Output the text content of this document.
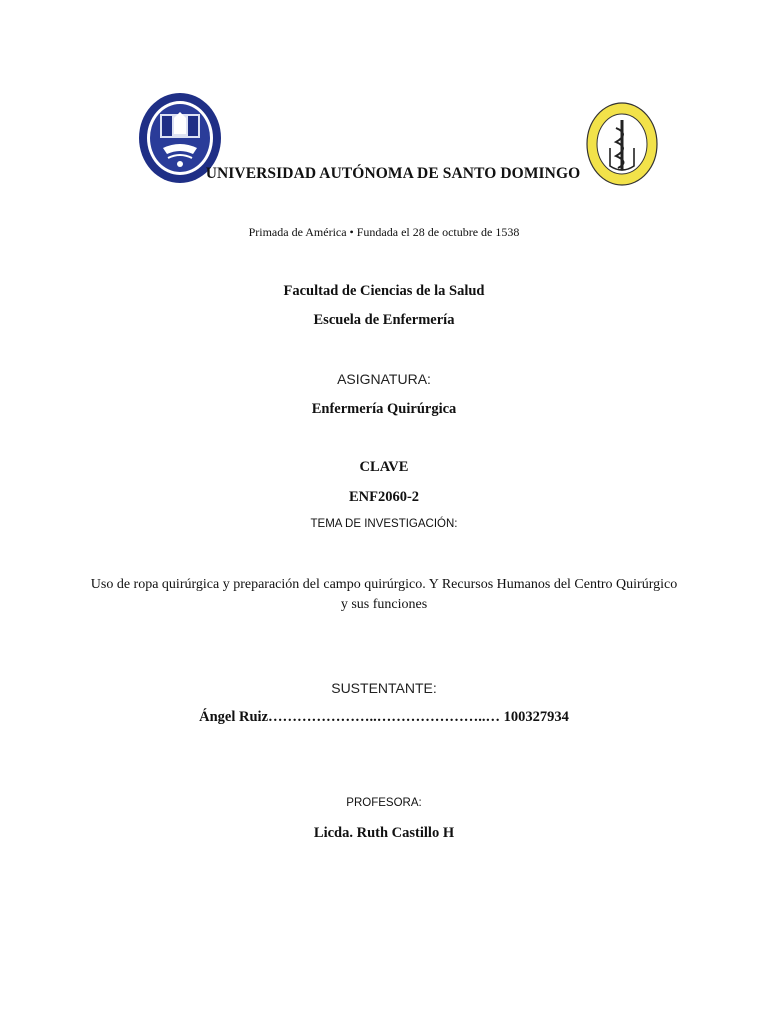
UNIVERSIDAD AUTÓNOMA DE SANTO DOMINGO
Primada de América • Fundada el 28 de octubre de 1538
Facultad de Ciencias de la Salud
Escuela de Enfermería
ASIGNATURA:
Enfermería Quirúrgica
CLAVE
ENF2060-2
TEMA DE INVESTIGACIÓN:
Uso de ropa quirúrgica y preparación del campo quirúrgico. Y Recursos Humanos del Centro Quirúrgico y sus funciones
SUSTENTANTE:
Ángel Ruiz…………………..…………………..… 100327934
PROFESORA:
Licda. Ruth Castillo H
